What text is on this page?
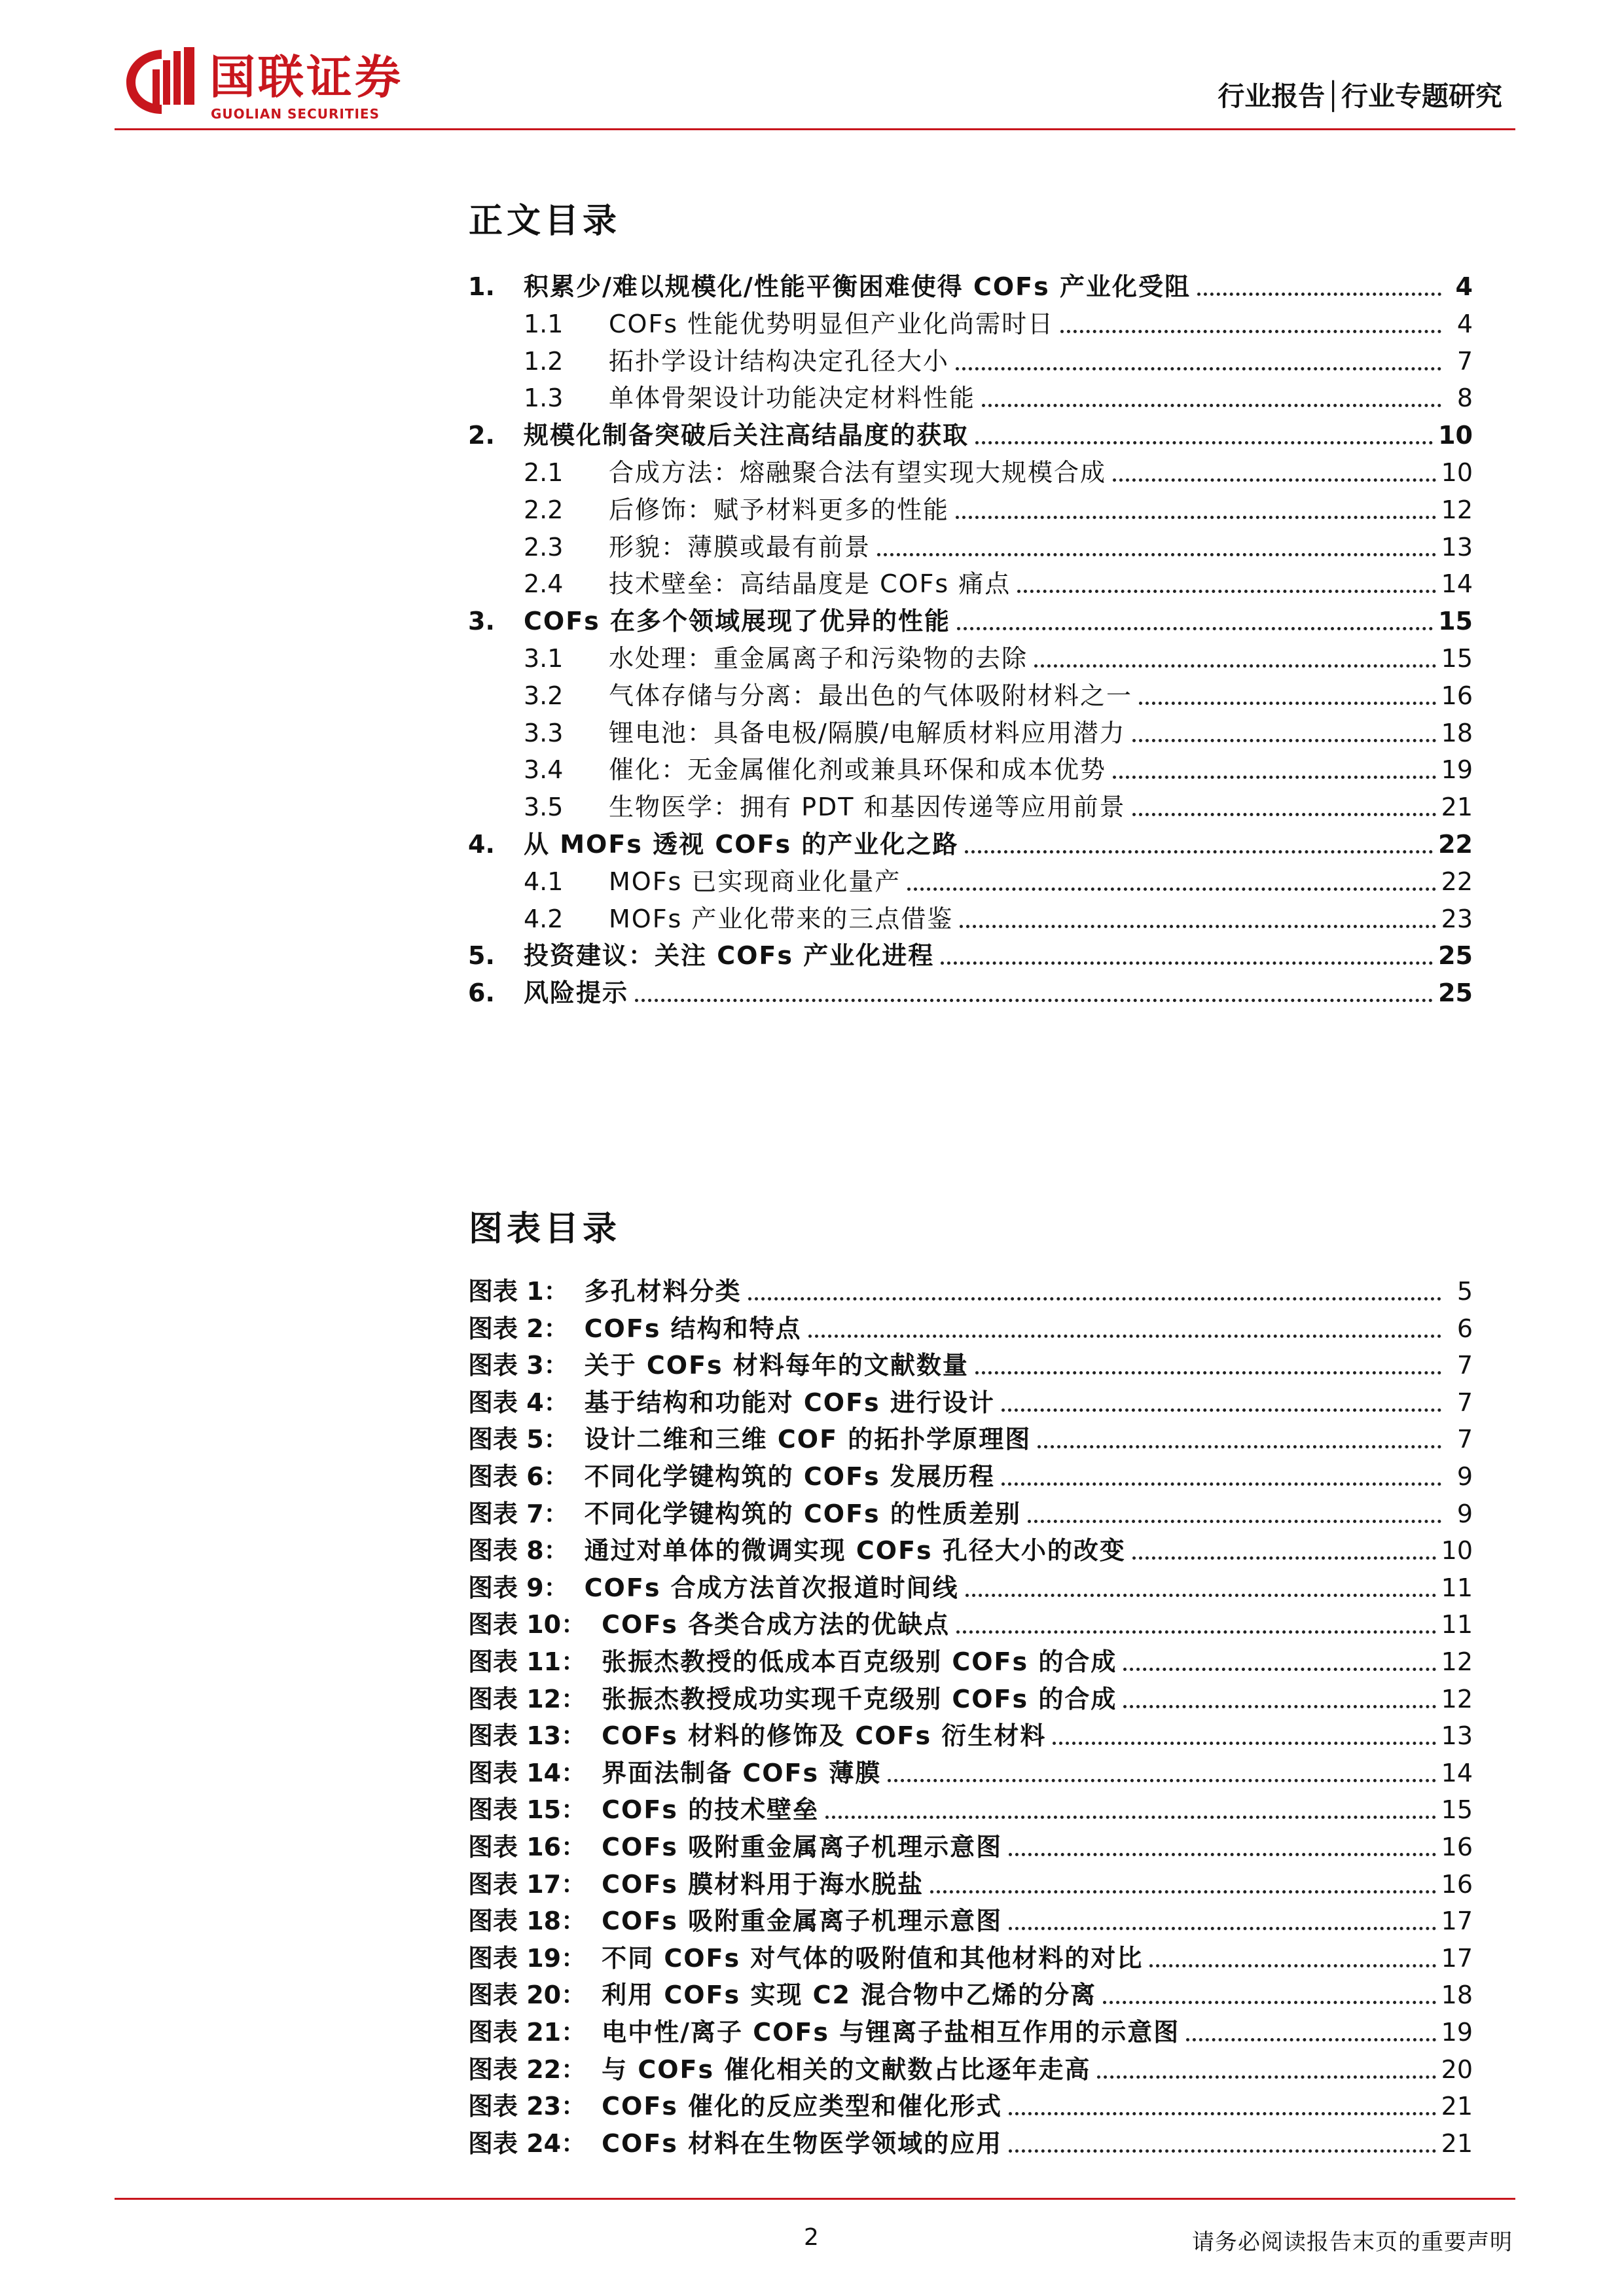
国联证券
GUOLIAN SECURITIES
行业报告│行业专题研究
正文目录
1.	积累少/难以规模化/性能平衡困难使得 COFs 产业化受阻	4
1.1	COFs 性能优势明显但产业化尚需时日	4
1.2	拓扑学设计结构决定孔径大小	7
1.3	单体骨架设计功能决定材料性能	8
2.	规模化制备突破后关注高结晶度的获取	10
2.1	合成方法：熔融聚合法有望实现大规模合成	10
2.2	后修饰：赋予材料更多的性能	12
2.3	形貌：薄膜或最有前景	13
2.4	技术壁垒：高结晶度是 COFs 痛点	14
3.	COFs 在多个领域展现了优异的性能	15
3.1	水处理：重金属离子和污染物的去除	15
3.2	气体存储与分离：最出色的气体吸附材料之一	16
3.3	锂电池：具备电极/隔膜/电解质材料应用潜力	18
3.4	催化：无金属催化剂或兼具环保和成本优势	19
3.5	生物医学：拥有 PDT 和基因传递等应用前景	21
4.	从 MOFs 透视 COFs 的产业化之路	22
4.1	MOFs 已实现商业化量产	22
4.2	MOFs 产业化带来的三点借鉴	23
5.	投资建议：关注 COFs 产业化进程	25
6.	风险提示	25
图表目录
图表 1： 多孔材料分类	5
图表 2： COFs 结构和特点	6
图表 3： 关于 COFs 材料每年的文献数量	7
图表 4： 基于结构和功能对 COFs 进行设计	7
图表 5： 设计二维和三维 COF 的拓扑学原理图	7
图表 6： 不同化学键构筑的 COFs 发展历程	9
图表 7： 不同化学键构筑的 COFs 的性质差别	9
图表 8： 通过对单体的微调实现 COFs 孔径大小的改变	10
图表 9： COFs 合成方法首次报道时间线	11
图表 10： COFs 各类合成方法的优缺点	11
图表 11： 张振杰教授的低成本百克级别 COFs 的合成	12
图表 12： 张振杰教授成功实现千克级别 COFs 的合成	12
图表 13： COFs 材料的修饰及 COFs 衍生材料	13
图表 14： 界面法制备 COFs 薄膜	14
图表 15： COFs 的技术壁垒	15
图表 16： COFs 吸附重金属离子机理示意图	16
图表 17： COFs 膜材料用于海水脱盐	16
图表 18： COFs 吸附重金属离子机理示意图	17
图表 19： 不同 COFs 对气体的吸附值和其他材料的对比	17
图表 20： 利用 COFs 实现 C2 混合物中乙烯的分离	18
图表 21： 电中性/离子 COFs 与锂离子盐相互作用的示意图	19
图表 22： 与 COFs 催化相关的文献数占比逐年走高	20
图表 23： COFs 催化的反应类型和催化形式	21
图表 24： COFs 材料在生物医学领域的应用	21
2	请务必阅读报告末页的重要声明
